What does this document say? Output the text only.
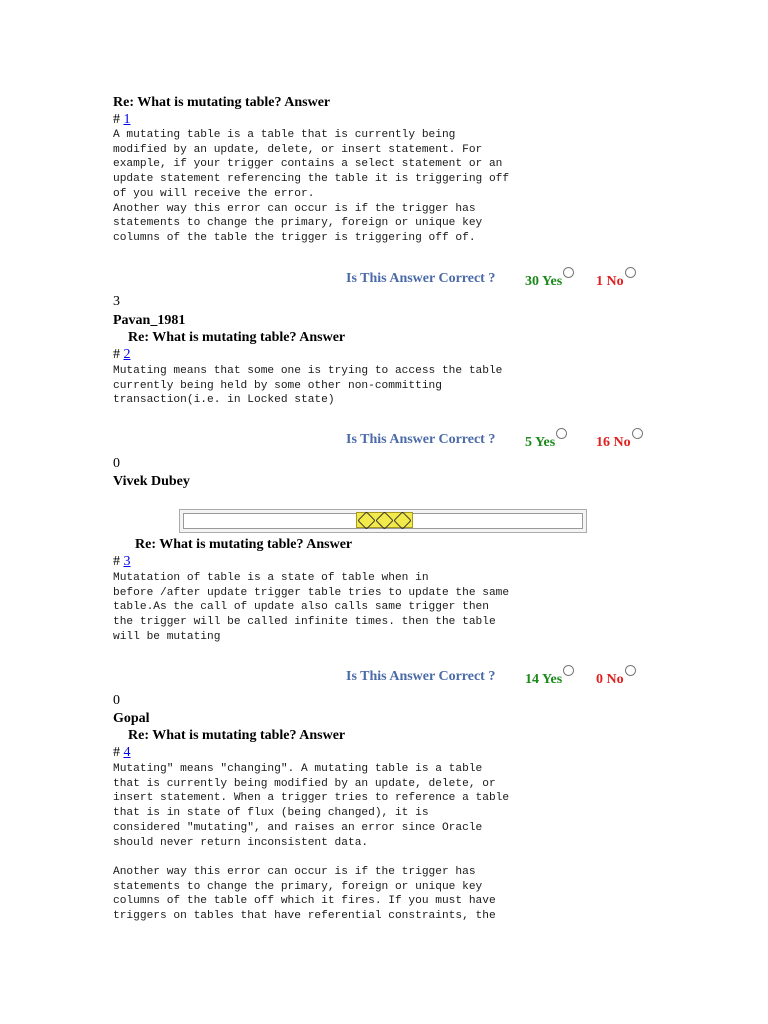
Re: What is mutating table? Answer
# 1
A mutating table is a table that is currently being
modified by an update, delete, or insert statement. For
example, if your trigger contains a select statement or an
update statement referencing the table it is triggering off
of you will receive the error.
Another way this error can occur is if the trigger has
statements to change the primary, foreign or unique key
columns of the table the trigger is triggering off of.
Is This Answer Correct ? 30 Yes	1 No
3
Pavan_1981
Re: What is mutating table? Answer
# 2
Mutating means that some one is trying to access the table
currently being held by some other non-committing
transaction(i.e. in Locked state)
Is This Answer Correct ? 5 Yes	16 No
0
Vivek Dubey
Re: What is mutating table? Answer
# 3
Mutatation of table is a state of table when in
before /after update trigger table tries to update the same
table.As the call of update also calls same trigger then
the trigger will be called infinite times. then the table
will be mutating
Is This Answer Correct ? 14 Yes	0 No
0
Gopal
Re: What is mutating table? Answer
# 4
Mutating" means "changing". A mutating table is a table
that is currently being modified by an update, delete, or
insert statement. When a trigger tries to reference a table
that is in state of flux (being changed), it is
considered "mutating", and raises an error since Oracle
should never return inconsistent data.

Another way this error can occur is if the trigger has
statements to change the primary, foreign or unique key
columns of the table off which it fires. If you must have
triggers on tables that have referential constraints, the
